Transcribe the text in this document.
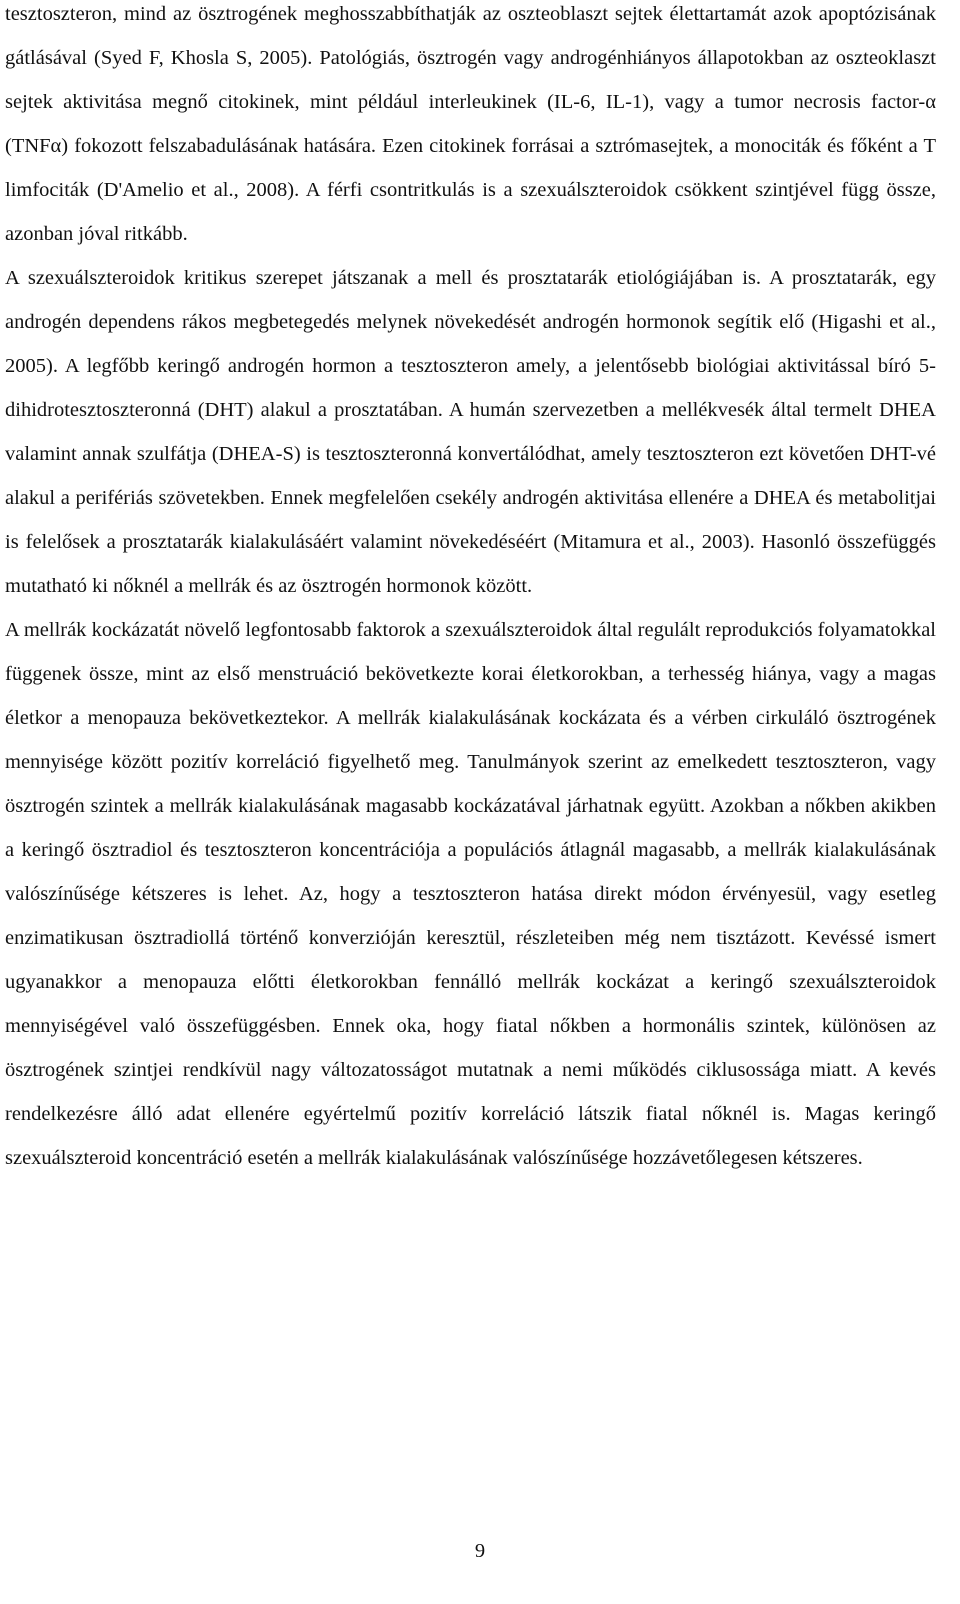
tesztoszteron, mind az ösztrogének meghosszabbíthatják az oszteoblaszt sejtek élettartamát azok apoptózisának gátlásával (Syed F, Khosla S, 2005). Patológiás, ösztrogén vagy androgénhiányos állapotokban az oszteoklaszt sejtek aktivitása megnő citokinek, mint például interleukinek (IL-6, IL-1), vagy a tumor necrosis factor-α (TNFα) fokozott felszabadulásának hatására. Ezen citokinek forrásai a sztrómasejtek, a monociták és főként a T limfociták (D'Amelio et al., 2008). A férfi csontritkulás is a szexuálszteroidok csökkent szintjével függ össze, azonban jóval ritkább.

A szexuálszteroidok kritikus szerepet játszanak a mell és prosztatarák etiológiájában is. A prosztatarák, egy androgén dependens rákos megbetegedés melynek növekedését androgén hormonok segítik elő (Higashi et al., 2005). A legfőbb keringő androgén hormon a tesztoszteron amely, a jelentősebb biológiai aktivitással bíró 5-dihidrotesztoszteronná (DHT) alakul a prosztatában. A humán szervezetben a mellékvesék által termelt DHEA valamint annak szulfátja (DHEA-S) is tesztoszteronná konvertálódhat, amely tesztoszteron ezt követően DHT-vé alakul a perifériás szövetekben. Ennek megfelelően csekély androgén aktivitása ellenére a DHEA és metabolitjai is felelősek a prosztatarák kialakulásáért valamint növekedéséért (Mitamura et al., 2003). Hasonló összefüggés mutatható ki nőknél a mellrák és az ösztrogén hormonok között.

A mellrák kockázatát növelő legfontosabb faktorok a szexuálszteroidok által regulált reprodukciós folyamatokkal függenek össze, mint az első menstruáció bekövetkezte korai életkorokban, a terhesség hiánya, vagy a magas életkor a menopauza bekövetkeztekor. A mellrák kialakulásának kockázata és a vérben cirkuláló ösztrogének mennyisége között pozitív korreláció figyelhető meg. Tanulmányok szerint az emelkedett tesztoszteron, vagy ösztrogén szintek a mellrák kialakulásának magasabb kockázatával járhatnak együtt. Azokban a nőkben akikben a keringő ösztradiol és tesztoszteron koncentrációja a populációs átlagnál magasabb, a mellrák kialakulásának valószínűsége kétszeres is lehet. Az, hogy a tesztoszteron hatása direkt módon érvényesül, vagy esetleg enzimatikusan ösztradiollá történő konverzióján keresztül, részleteiben még nem tisztázott. Kevéssé ismert ugyanakkor a menopauza előtti életkorokban fennálló mellrák kockázat a keringő szexuálszteroidok mennyiségével való összefüggésben. Ennek oka, hogy fiatal nőkben a hormonális szintek, különösen az ösztrogének szintjei rendkívül nagy változatosságot mutatnak a nemi működés ciklusossága miatt. A kevés rendelkezésre álló adat ellenére egyértelmű pozitív korreláció látszik fiatal nőknél is. Magas keringő szexuálszteroid koncentráció esetén a mellrák kialakulásának valószínűsége hozzávetőlegesen kétszeres.

9
